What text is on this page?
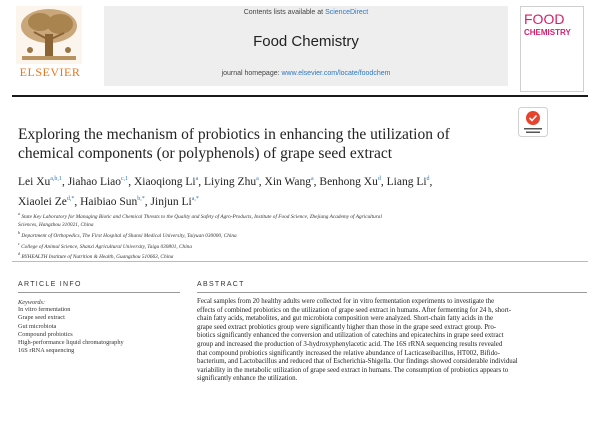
Contents lists available at ScienceDirect
Food Chemistry
journal homepage: www.elsevier.com/locate/foodchem
ELSEVIER
FOOD
CHEMISTRY
Exploring the mechanism of probiotics in enhancing the utilization of chemical components (or polyphenols) of grape seed extract
Lei Xu$^{a,b,1}$, Jiahao Liao$^{c,1}$, Xiaoqiong Li$^a$, Liying Zhu$^a$, Xin Wang$^a$, Benhong Xu$^d$, Liang Li$^d$,
Xiaolei $Ze^{d,*}$, Haibiao Sun$^{b,*}$, Jinjun $Li^{a,*}$
$^a$ State Key Laboratory for Managing Biotic and Chemical Threats to the Quality and Safety of Agro-Products, Institute of Food Science, Zhejiang Academy of Agricultural
Sciences, Hangzhou 310021, China
$^b$ Department of Orthopedics, The First Hospital of Shanxi Medical University, Taiyuan 030000, China
$^c$ College of Animal Science, Shanxi Agricultural University, Taigu 030801, China
$^d$ BYHEALTH Institute of Nutrition & Health, Guangzhou 510663, China
ARTICLE INFO
Keywords:
In vitro fermentation
Grape seed extract
Gut microbiota
Compound probiotics
High-performance liquid chromatography
16S rRNA sequencing
ABSTRACT
Fecal samples from 20 healthy adults were collected for in vitro fermentation experiments to investigate the
effects of combined probiotics on the utilization of grape seed extract in humans. After fermenting for 24 h, short-
chain fatty acids, metabolites, and gut microbiota composition were analyzed. Short-chain fatty acids in the
grape seed extract probiotics group were significantly higher than those in the grape seed extract group. Pro-
biotics significantly enhanced the conversion and utilization of catechins and epicatechins in grape seed extract
group and increased the production of 3-hydroxyphenylacetic acid. The 16S rRNA sequencing results revealed
that compound probiotics significantly increased the relative abundance of Lacticaseibacillus, HT002, Bifido-
bacterium, and Lactobacillus and reduced that of Escherichia-Shigella. Our findings showed considerable individual
variability in the metabolic utilization of grape seed extract in humans. The consumption of probiotics appears to
significantly enhance the utilization.
